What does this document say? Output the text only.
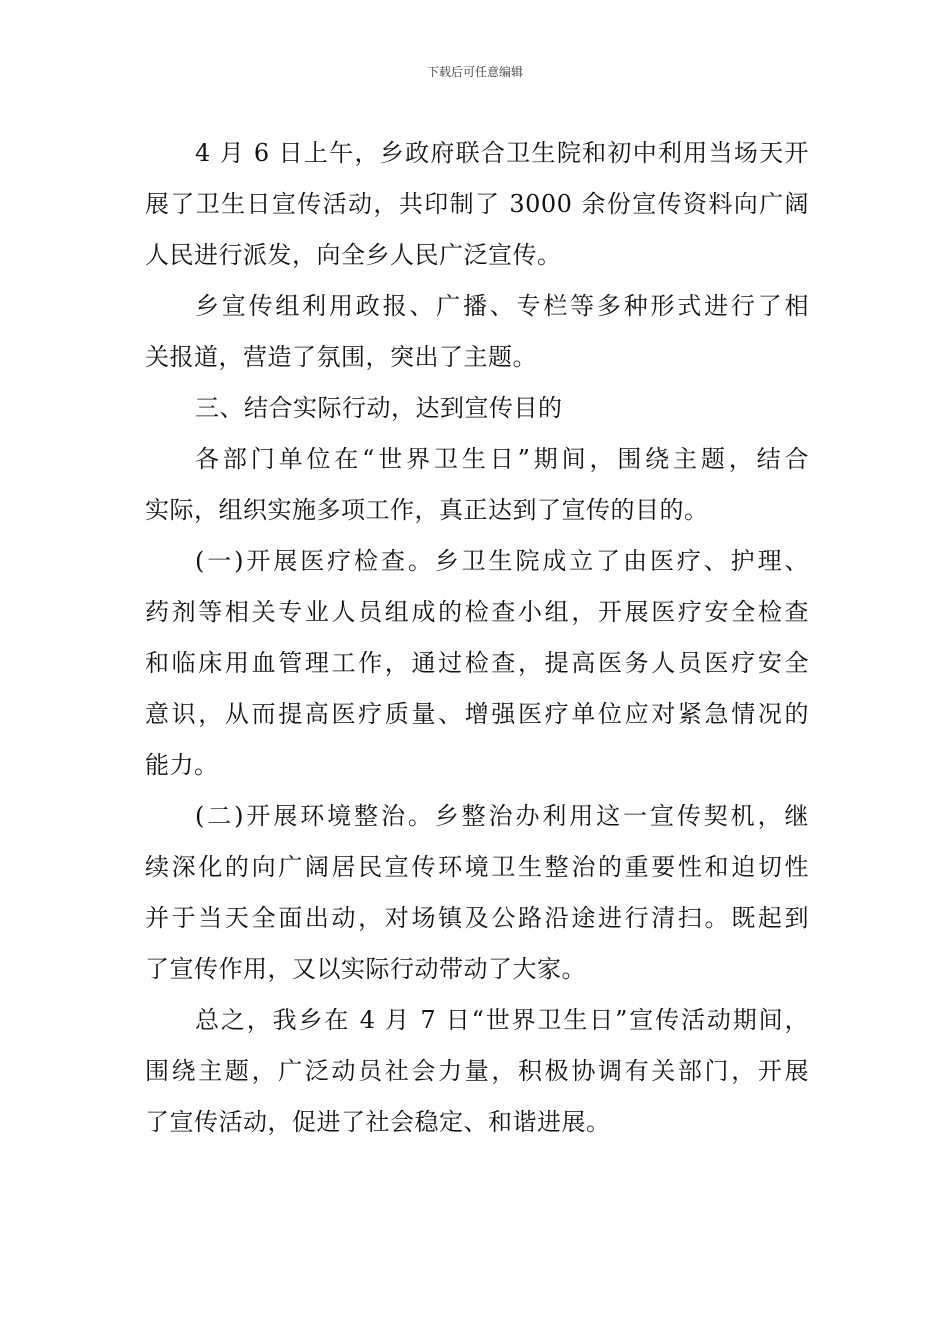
下载后可任意编辑
4 月 6 日上午，乡政府联合卫生院和初中利用当场天开
展了卫生日宣传活动，共印制了 3000 余份宣传资料向广阔
人民进行派发，向全乡人民广泛宣传。
乡宣传组利用政报、广播、专栏等多种形式进行了相
关报道，营造了氛围，突出了主题。
三、结合实际行动，达到宣传目的
各部门单位在“世界卫生日”期间，围绕主题，结合
实际，组织实施多项工作，真正达到了宣传的目的。
(一)开展医疗检查。乡卫生院成立了由医疗、护理、
药剂等相关专业人员组成的检查小组，开展医疗安全检查
和临床用血管理工作，通过检查，提高医务人员医疗安全
意识，从而提高医疗质量、增强医疗单位应对紧急情况的
能力。
(二)开展环境整治。乡整治办利用这一宣传契机，继
续深化的向广阔居民宣传环境卫生整治的重要性和迫切性
并于当天全面出动，对场镇及公路沿途进行清扫。既起到
了宣传作用，又以实际行动带动了大家。
总之，我乡在 4 月 7 日“世界卫生日”宣传活动期间，
围绕主题，广泛动员社会力量，积极协调有关部门，开展
了宣传活动，促进了社会稳定、和谐进展。
